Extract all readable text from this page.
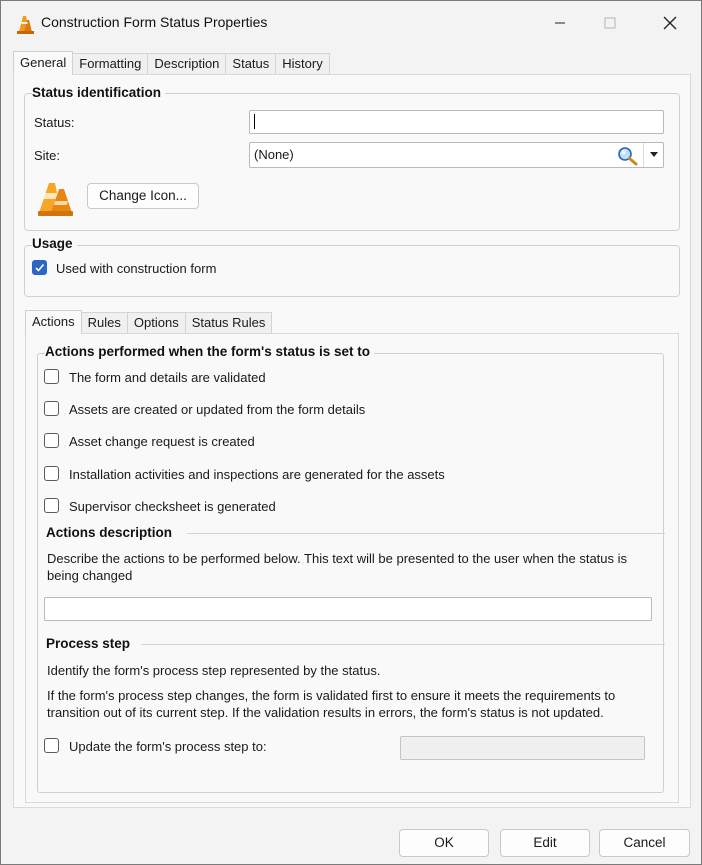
Construction Form Status Properties
General	Formatting	Description	Status	History
Status identification
Status:
Site:	(None)
Change Icon...
Usage
Used with construction form
Actions	Rules	Options	Status Rules
Actions performed when the form's status is set to
The form and details are validated
Assets are created or updated from the form details
Asset change request is created
Installation activities and inspections are generated for the assets
Supervisor checksheet is generated
Actions description
Describe the actions to be performed below. This text will be presented to the user when the status is being changed
Process step
Identify the form's process step represented by the status.
If the form's process step changes, the form is validated first to ensure it meets the requirements to transition out of its current step. If the validation results in errors, the form's status is not updated.
Update the form's process step to:
OK	Edit	Cancel
